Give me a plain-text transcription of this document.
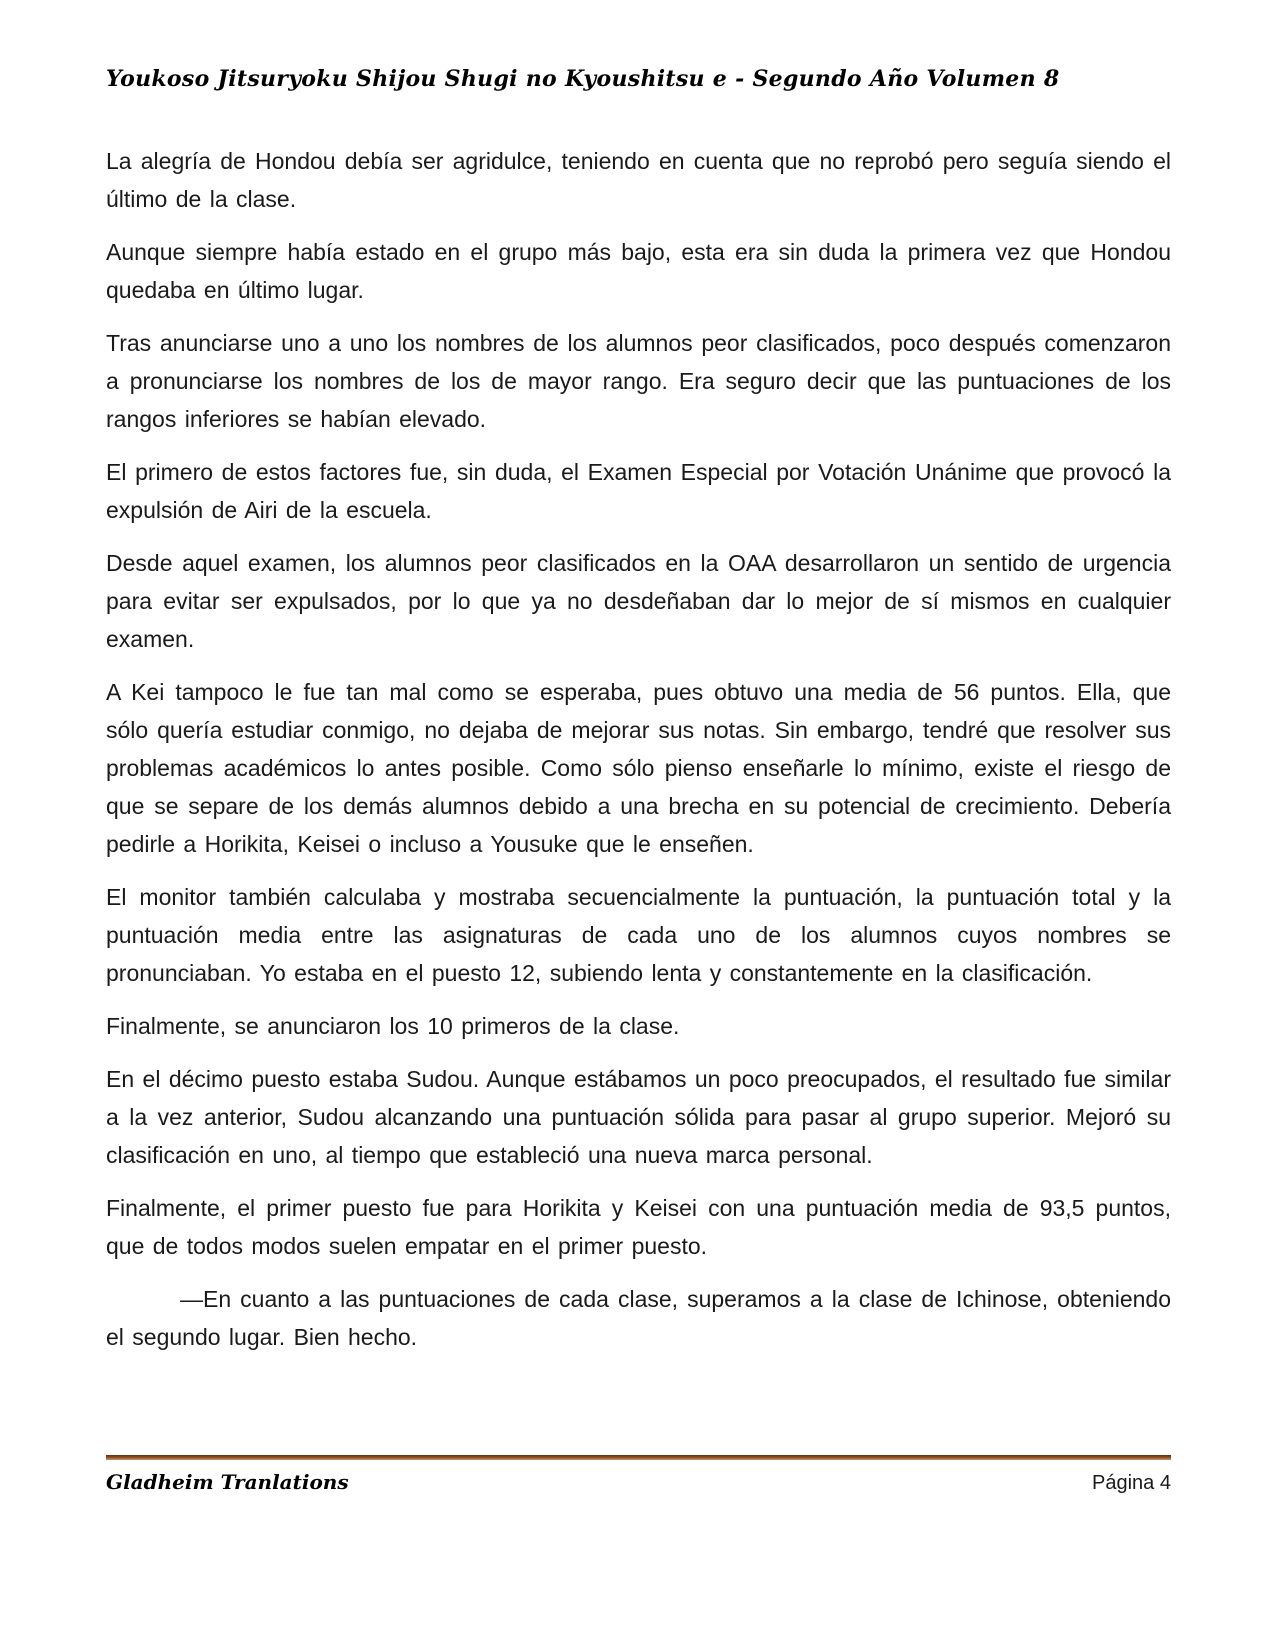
Youkoso Jitsuryoku Shijou Shugi no Kyoushitsu e - Segundo Año Volumen 8

La alegría de Hondou debía ser agridulce, teniendo en cuenta que no reprobó pero seguía siendo el último de la clase.

Aunque siempre había estado en el grupo más bajo, esta era sin duda la primera vez que Hondou quedaba en último lugar.

Tras anunciarse uno a uno los nombres de los alumnos peor clasificados, poco después comenzaron a pronunciarse los nombres de los de mayor rango. Era seguro decir que las puntuaciones de los rangos inferiores se habían elevado.

El primero de estos factores fue, sin duda, el Examen Especial por Votación Unánime que provocó la expulsión de Airi de la escuela.

Desde aquel examen, los alumnos peor clasificados en la OAA desarrollaron un sentido de urgencia para evitar ser expulsados, por lo que ya no desdeñaban dar lo mejor de sí mismos en cualquier examen.

A Kei tampoco le fue tan mal como se esperaba, pues obtuvo una media de 56 puntos. Ella, que sólo quería estudiar conmigo, no dejaba de mejorar sus notas. Sin embargo, tendré que resolver sus problemas académicos lo antes posible. Como sólo pienso enseñarle lo mínimo, existe el riesgo de que se separe de los demás alumnos debido a una brecha en su potencial de crecimiento. Debería pedirle a Horikita, Keisei o incluso a Yousuke que le enseñen.

El monitor también calculaba y mostraba secuencialmente la puntuación, la puntuación total y la puntuación media entre las asignaturas de cada uno de los alumnos cuyos nombres se pronunciaban. Yo estaba en el puesto 12, subiendo lenta y constantemente en la clasificación.

Finalmente, se anunciaron los 10 primeros de la clase.

En el décimo puesto estaba Sudou. Aunque estábamos un poco preocupados, el resultado fue similar a la vez anterior, Sudou alcanzando una puntuación sólida para pasar al grupo superior. Mejoró su clasificación en uno, al tiempo que estableció una nueva marca personal.

Finalmente, el primer puesto fue para Horikita y Keisei con una puntuación media de 93,5 puntos, que de todos modos suelen empatar en el primer puesto.

—En cuanto a las puntuaciones de cada clase, superamos a la clase de Ichinose, obteniendo el segundo lugar. Bien hecho.

Gladheim Tranlations	Página 4
